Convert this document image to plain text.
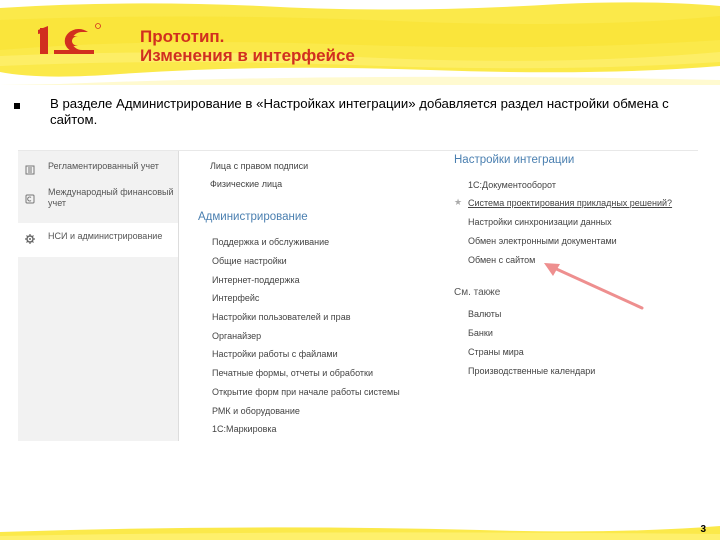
Прототип.
Изменения в интерфейсе
В разделе Администрирование в «Настройках интеграции» добавляется раздел настройки обмена с сайтом.
Регламентированный учет
Международный финансовый учет
НСИ и администрирование
Лица с правом подписи
Физические лица
Администрирование
Поддержка и обслуживание
Общие настройки
Интернет-поддержка
Интерфейс
Настройки пользователей и прав
Органайзер
Настройки работы с файлами
Печатные формы, отчеты и обработки
Открытие форм при начале работы системы
РМК и оборудование
1С:Маркировка
Настройки интеграции
1С:Документооборот
★ Система проектирования прикладных решений?
Настройки синхронизации данных
Обмен электронными документами
Обмен с сайтом
См. также
Валюты
Банки
Страны мира
Производственные календари
3
